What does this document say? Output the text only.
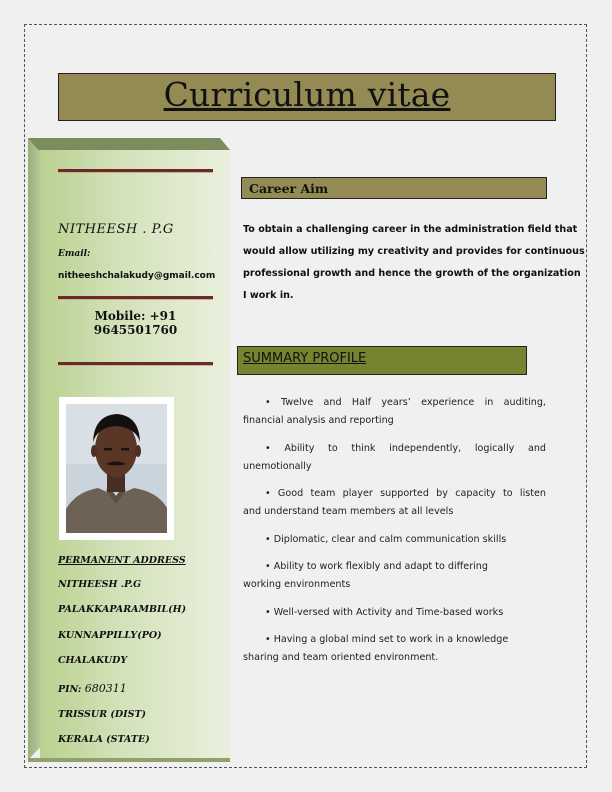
Curriculum vitae
NITHEESH . P.G
Email:
nitheeshchalakudy@gmail.com
Mobile: +91 9645501760
PERMANENT ADDRESS
NITHEESH .P.G
PALAKKAPARAMBIL(H)
KUNNAPPILLY(PO)
CHALAKUDY
PIN: 680311
TRISSUR (DIST)
KERALA (STATE)
Career Aim
To obtain a challenging career in the administration field that
would allow utilizing my creativity and provides for continuous
professional growth and hence the growth of the organization
I work in.
SUMMARY PROFILE
• Twelve and Half years’ experience in auditing,
financial analysis and reporting
• Ability to think independently, logically and
unemotionally
• Good team player supported by capacity to listen
and understand team members at all levels
• Diplomatic, clear and calm communication skills
• Ability to work flexibly and adapt to differing
working environments
• Well-versed with Activity and Time-based works
• Having a global mind set to work in a knowledge
sharing and team oriented environment.
